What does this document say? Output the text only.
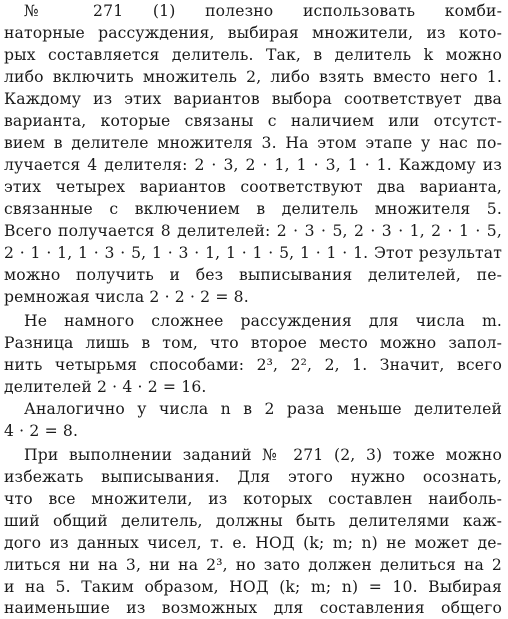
№ 271 (1) полезно использовать комби-
наторные рассуждения, выбирая множители, из кото-
рых составляется делитель. Так, в делитель k можно
либо включить множитель 2, либо взять вместо него 1.
Каждому из этих вариантов выбора соответствует два
варианта, которые связаны с наличием или отсутст-
вием в делителе множителя 3. На этом этапе у нас по-
лучается 4 делителя: 2 · 3, 2 · 1, 1 · 3, 1 · 1. Каждому из
этих четырех вариантов соответствуют два варианта,
связанные с включением в делитель множителя 5.
Всего получается 8 делителей: 2 · 3 · 5, 2 · 3 · 1, 2 · 1 · 5,
2 · 1 · 1, 1 · 3 · 5, 1 · 3 · 1, 1 · 1 · 5, 1 · 1 · 1. Этот результат
можно получить и без выписывания делителей, пе-
ремножая числа 2 · 2 · 2 = 8.
Не намного сложнее рассуждения для числа m.
Разница лишь в том, что второе место можно запол-
нить четырьмя способами: 2³, 2², 2, 1. Значит, всего
делителей 2 · 4 · 2 = 16.
Аналогично у числа n в 2 раза меньше делителей
4 · 2 = 8.
При выполнении заданий № 271 (2, 3) тоже можно
избежать выписывания. Для этого нужно осознать,
что все множители, из которых составлен наиболь-
ший общий делитель, должны быть делителями каж-
дого из данных чисел, т. е. НОД (k; m; n) не может де-
литься ни на 3, ни на 2³, но зато должен делиться на 2
и на 5. Таким образом, НОД (k; m; n) = 10. Выбирая
наименьшие из возможных для составления общего
